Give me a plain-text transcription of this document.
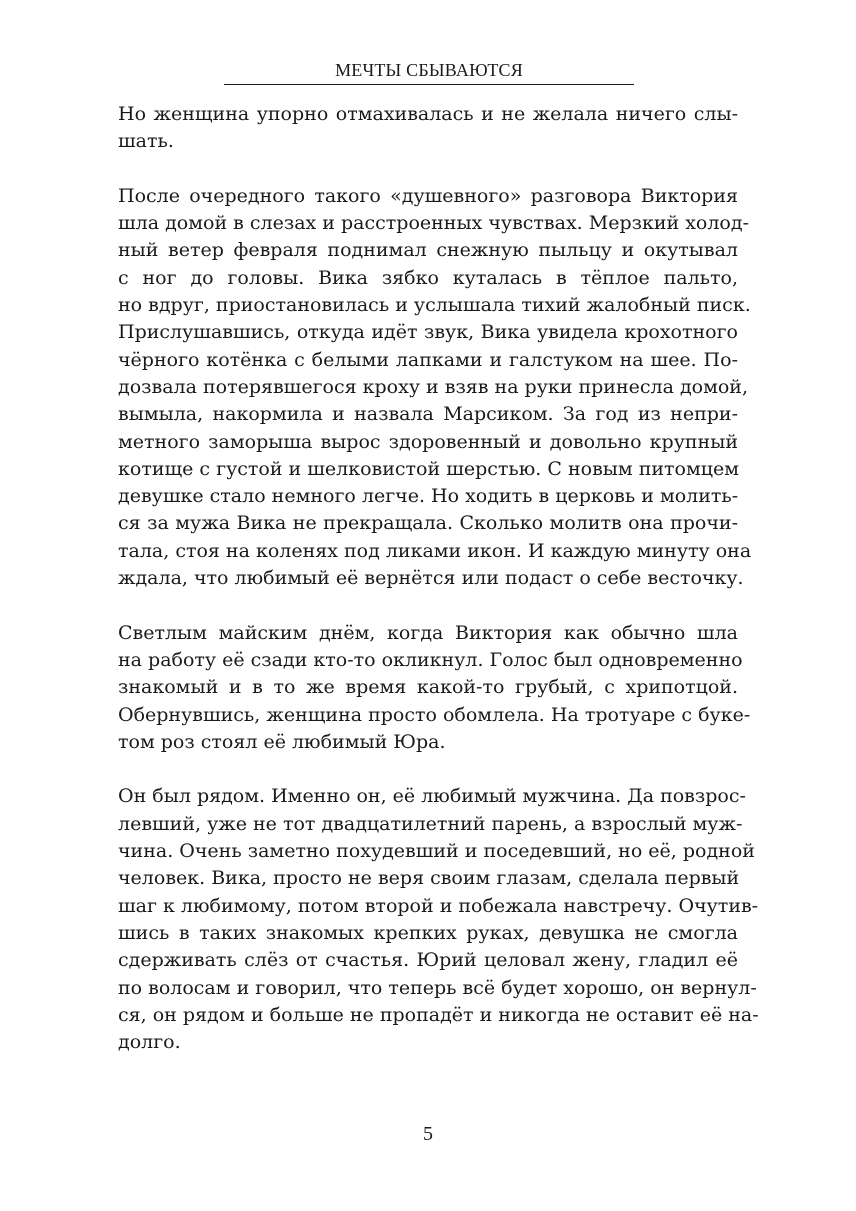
МЕЧТЫ СБЫВАЮТСЯ
Но женщина упорно отмахивалась и не желала ничего слы-
шать.
После очередного такого «душевного» разговора Виктория
шла домой в слезах и расстроенных чувствах. Мерзкий холод-
ный ветер февраля поднимал снежную пыльцу и окутывал
с ног до головы. Вика зябко куталась в тёплое пальто,
но вдруг, приостановилась и услышала тихий жалобный писк.
Прислушавшись, откуда идёт звук, Вика увидела крохотного
чёрного котёнка с белыми лапками и галстуком на шее. По-
дозвала потерявшегося кроху и взяв на руки принесла домой,
вымыла, накормила и назвала Марсиком. За год из непри-
метного заморыша вырос здоровенный и довольно крупный
котище с густой и шелковистой шерстью. С новым питомцем
девушке стало немного легче. Но ходить в церковь и молить-
ся за мужа Вика не прекращала. Сколько молитв она прочи-
тала, стоя на коленях под ликами икон. И каждую минуту она
ждала, что любимый её вернётся или подаст о себе весточку.
Светлым майским днём, когда Виктория как обычно шла
на работу её сзади кто-то окликнул. Голос был одновременно
знакомый и в то же время какой-то грубый, с хрипотцой.
Обернувшись, женщина просто обомлела. На тротуаре с буке-
том роз стоял её любимый Юра.
Он был рядом. Именно он, её любимый мужчина. Да повзрос-
левший, уже не тот двадцатилетний парень, а взрослый муж-
чина. Очень заметно похудевший и поседевший, но её, родной
человек. Вика, просто не веря своим глазам, сделала первый
шаг к любимому, потом второй и побежала навстречу. Очутив-
шись в таких знакомых крепких руках, девушка не смогла
сдерживать слёз от счастья. Юрий целовал жену, гладил её
по волосам и говорил, что теперь всё будет хорошо, он вернул-
ся, он рядом и больше не пропадёт и никогда не оставит её на-
долго.
5
